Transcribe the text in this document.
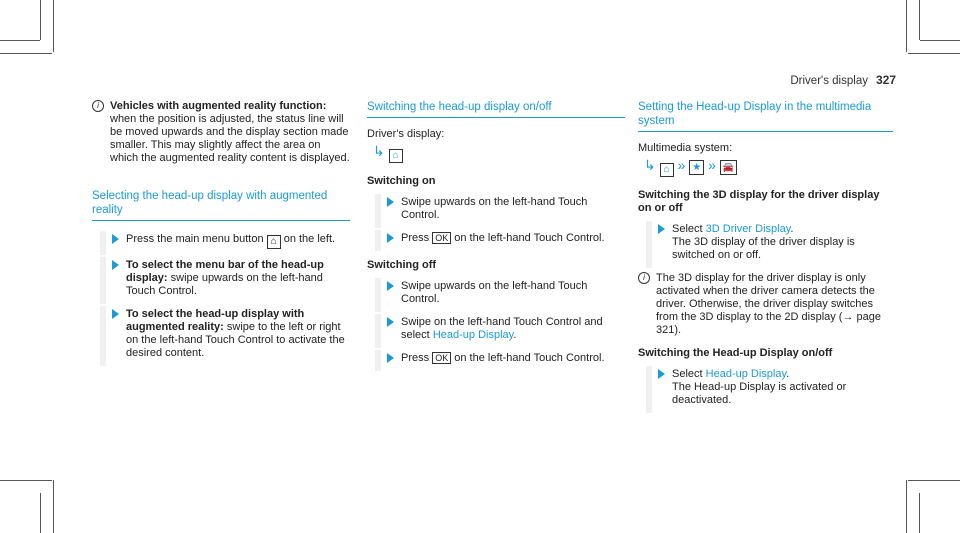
Driver's display 327
i	Vehicles with augmented reality function:
when the position is adjusted, the status line will be moved upwards and the display section made smaller. This may slightly affect the area on which the augmented reality content is displayed.
Selecting the head-up display with augmented reality
Press the main menu button ⌂ on the left.
To select the menu bar of the head-up display: swipe upwards on the left-hand Touch Control.
To select the head-up display with augmented reality: swipe to the left or right on the left-hand Touch Control to activate the desired content.
Switching the head-up display on/off
Driver's display:
↳ ⌂
Switching on
Swipe upwards on the left-hand Touch Control.
Press OK on the left-hand Touch Control.
Switching off
Swipe upwards on the left-hand Touch Control.
Swipe on the left-hand Touch Control and select Head-up Display.
Press OK on the left-hand Touch Control.
Setting the Head-up Display in the multimedia system
Multimedia system:
↳ ⌂ » ★ » 🚘
Switching the 3D display for the driver display on or off
Select 3D Driver Display.
The 3D display of the driver display is switched on or off.
i	The 3D display for the driver display is only activated when the driver camera detects the driver. Otherwise, the driver display switches from the 3D display to the 2D display (→ page 321).
Switching the Head-up Display on/off
Select Head-up Display.
The Head-up Display is activated or deactivated.
